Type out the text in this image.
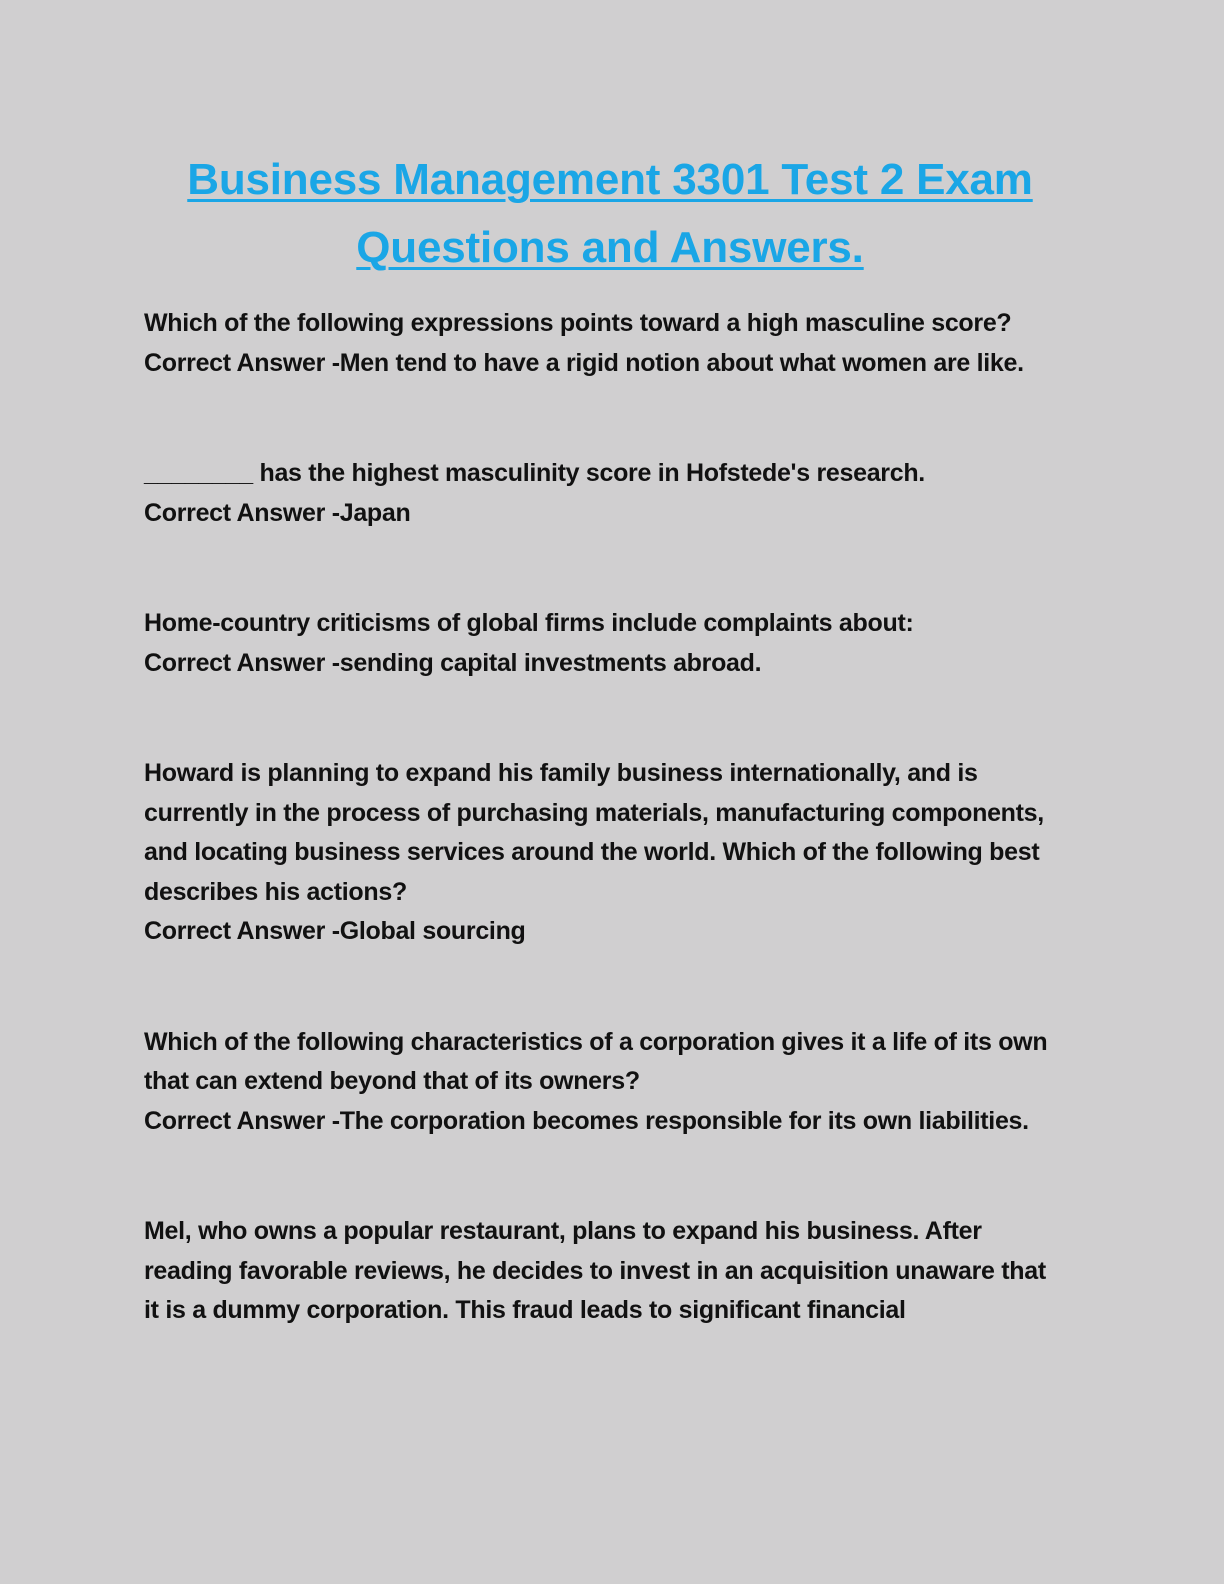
Business Management 3301 Test 2 Exam
Questions and Answers.

Which of the following expressions points toward a high masculine score?

Correct Answer -Men tend to have a rigid notion about what women are like.

________ has the highest masculinity score in Hofstede's research.

Correct Answer -Japan

Home-country criticisms of global firms include complaints about:

Correct Answer -sending capital investments abroad.

Howard is planning to expand his family business internationally, and is currently in the process of purchasing materials, manufacturing components, and locating business services around the world. Which of the following best describes his actions?

Correct Answer -Global sourcing

Which of the following characteristics of a corporation gives it a life of its own that can extend beyond that of its owners?

Correct Answer -The corporation becomes responsible for its own liabilities.

Mel, who owns a popular restaurant, plans to expand his business. After reading favorable reviews, he decides to invest in an acquisition unaware that it is a dummy corporation. This fraud leads to significant financial
